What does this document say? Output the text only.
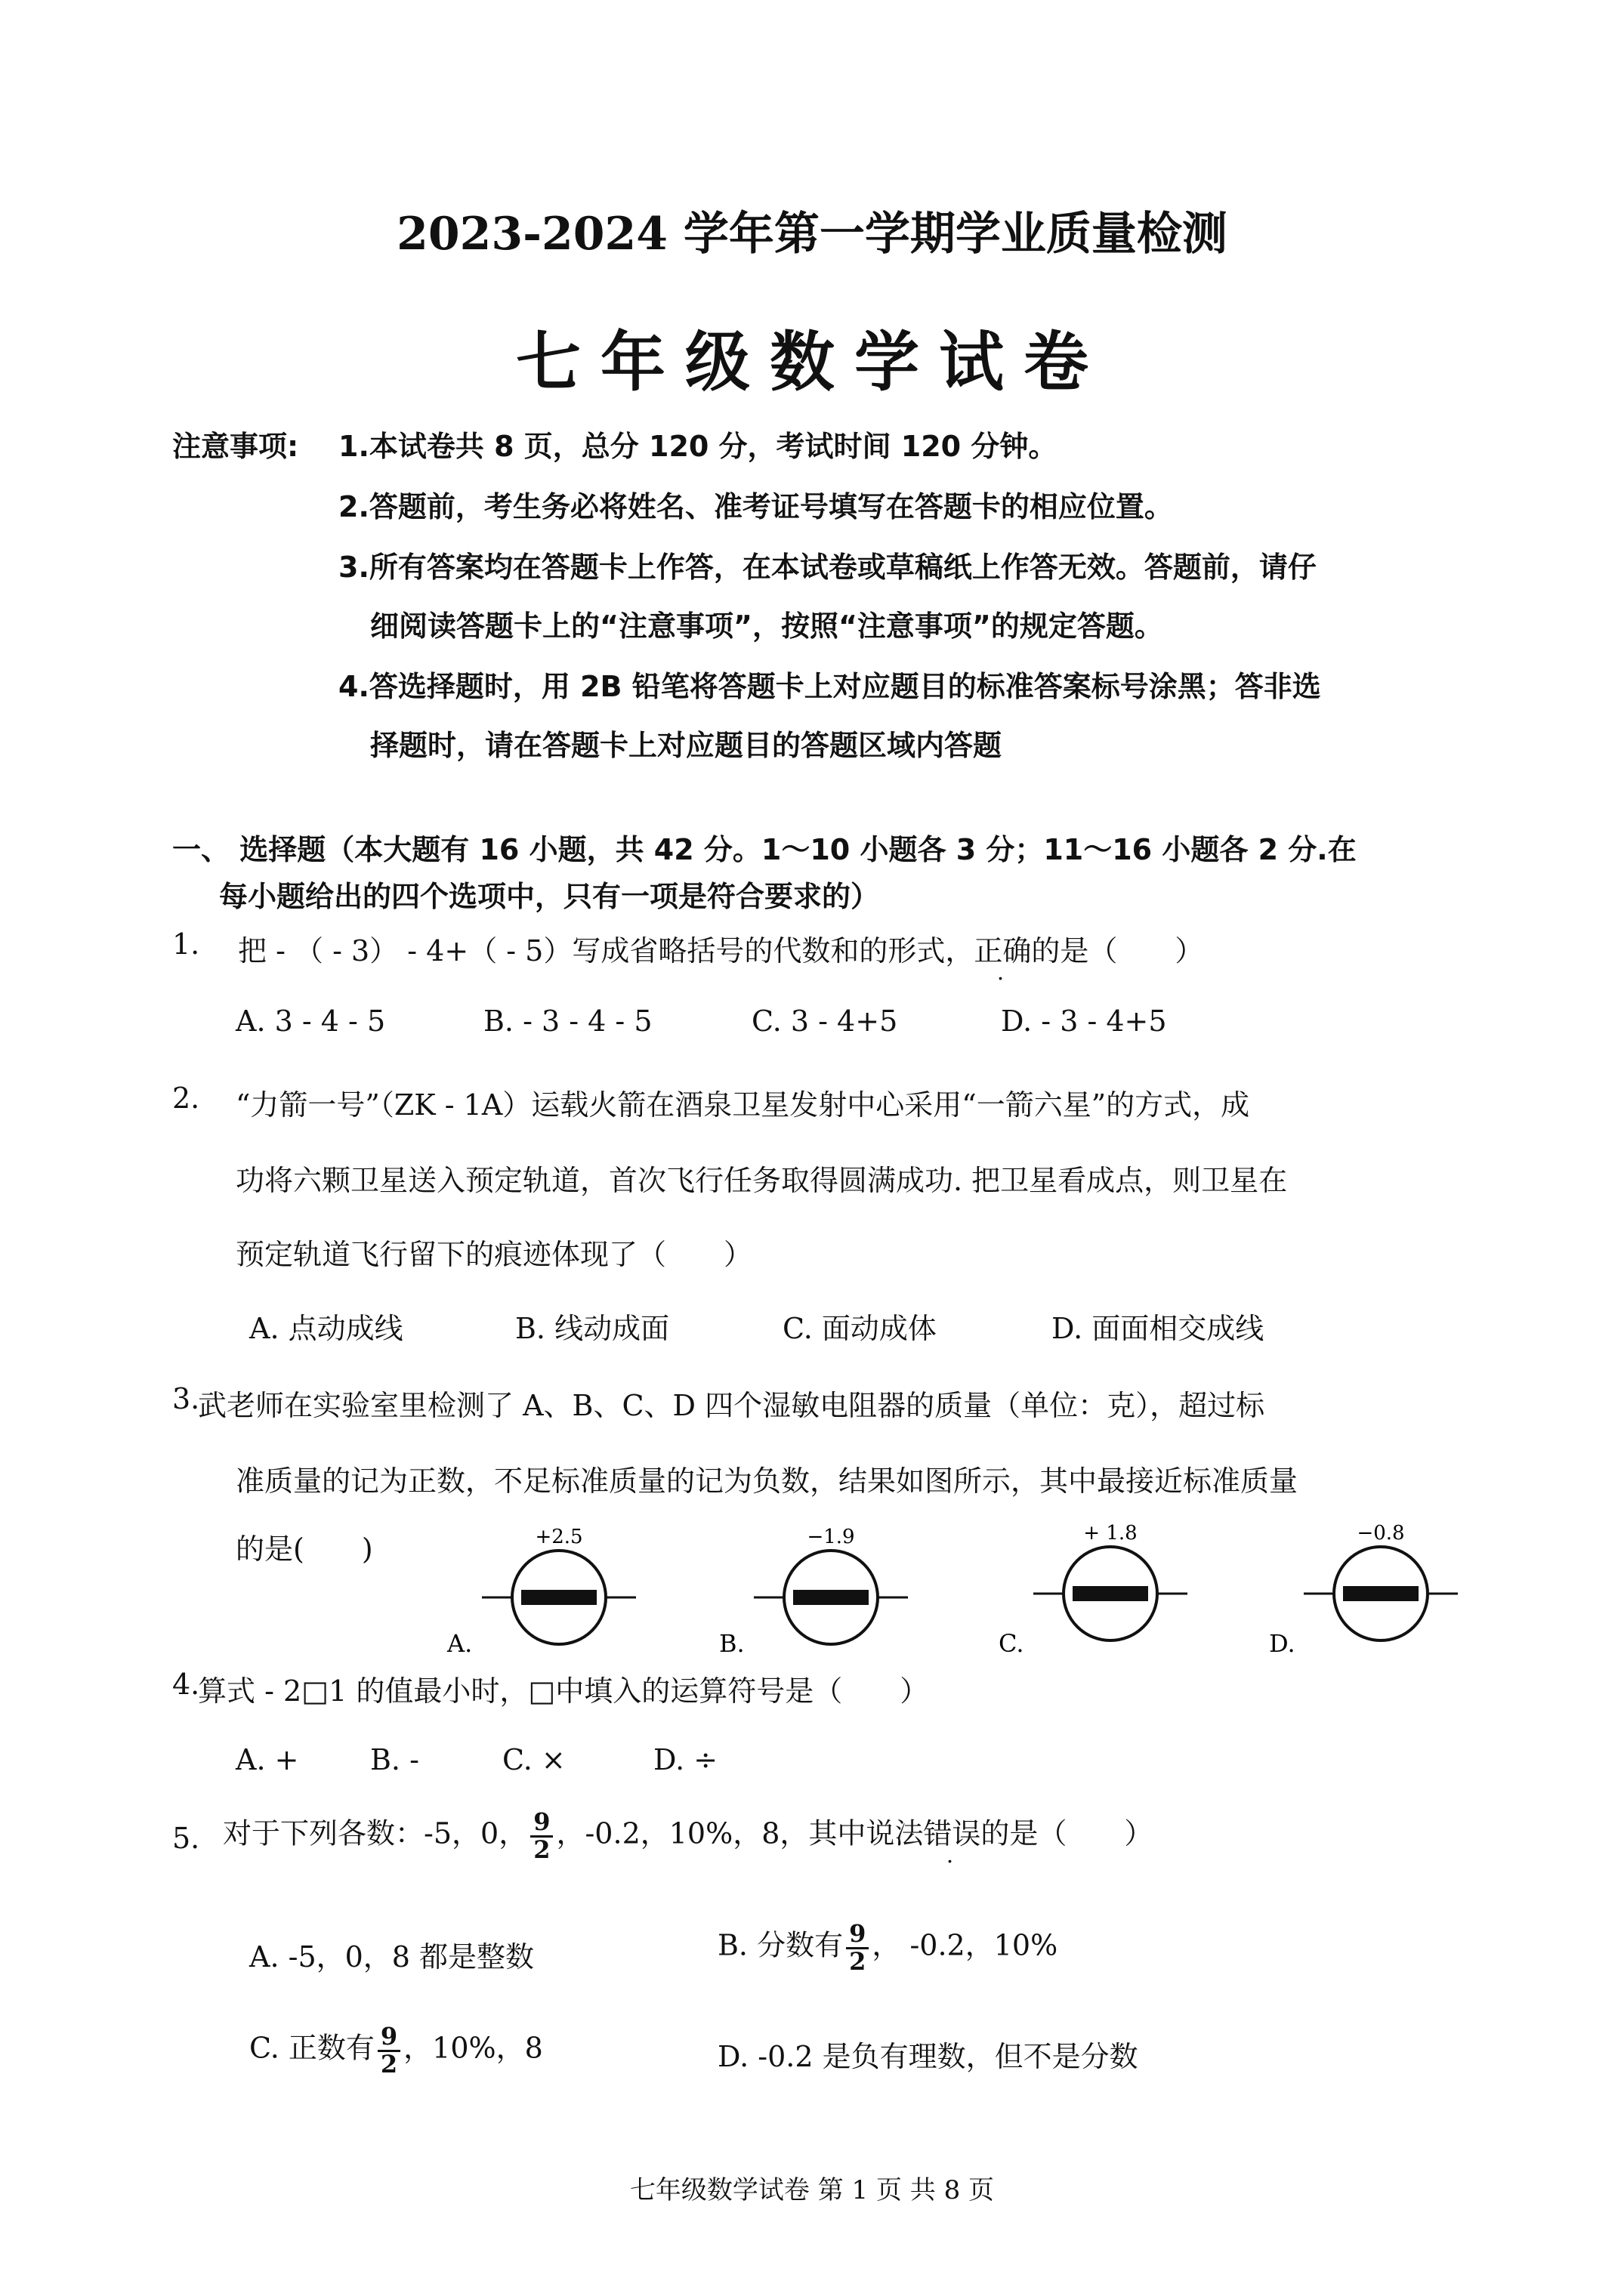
2023-2024 学年第一学期学业质量检测
七年级数学试卷
注意事项: 1.本试卷共 8 页，总分 120 分，考试时间 120 分钟。
2.答题前，考生务必将姓名、准考证号填写在答题卡的相应位置。
3.所有答案均在答题卡上作答，在本试卷或草稿纸上作答无效。答题前，请仔
细阅读答题卡上的“注意事项”，按照“注意事项”的规定答题。
4.答选择题时，用 2B 铅笔将答题卡上对应题目的标准答案标号涂黑；答非选
择题时，请在答题卡上对应题目的答题区域内答题
一、 选择题（本大题有 16 小题，共 42 分。1～10 小题各 3 分；11～16 小题各 2 分.在
每小题给出的四个选项中，只有一项是符合要求的）
1. 把 - （ - 3） - 4+（ - 5）写成省略括号的代数和的形式，正确的是（　　）
A. 3 - 4 - 5	B. - 3 - 4 - 5	C. 3 - 4+5	D. - 3 - 4+5
2. “力箭一号”（ZK - 1A）运载火箭在酒泉卫星发射中心采用“一箭六星”的方式，成
功将六颗卫星送入预定轨道，首次飞行任务取得圆满成功. 把卫星看成点，则卫星在
预定轨道飞行留下的痕迹体现了（　　）
A. 点动成线	B. 线动成面	C. 面动成体	D. 面面相交成线
3.
武老师在实验室里检测了 A、B、C、D 四个湿敏电阻器的质量（单位：克），超过标
准质量的记为正数，不足标准质量的记为负数，结果如图所示，其中最接近标准质量
的是(　　)	+2.5
A.
−1.9
B.
+ 1.8
C.
−0.8
D.
4.
算式 - 2□1 的值最小时，□中填入的运算符号是（　　）
A. + B. -	C. ×	D. ÷
5. 对于下列各数：-5，0， $\frac{9}{2}$ ，-0.2，10%，8，其中说法错误的是（　　）
A. -5，0，8 都是整数	B. 分数有 $\frac{9}{2}$ ， -0.2，10%
C. 正数有 $\frac{9}{2}$ ，10%，8	D. -0.2 是负有理数，但不是分数
七年级数学试卷 第 1 页 共 8 页
